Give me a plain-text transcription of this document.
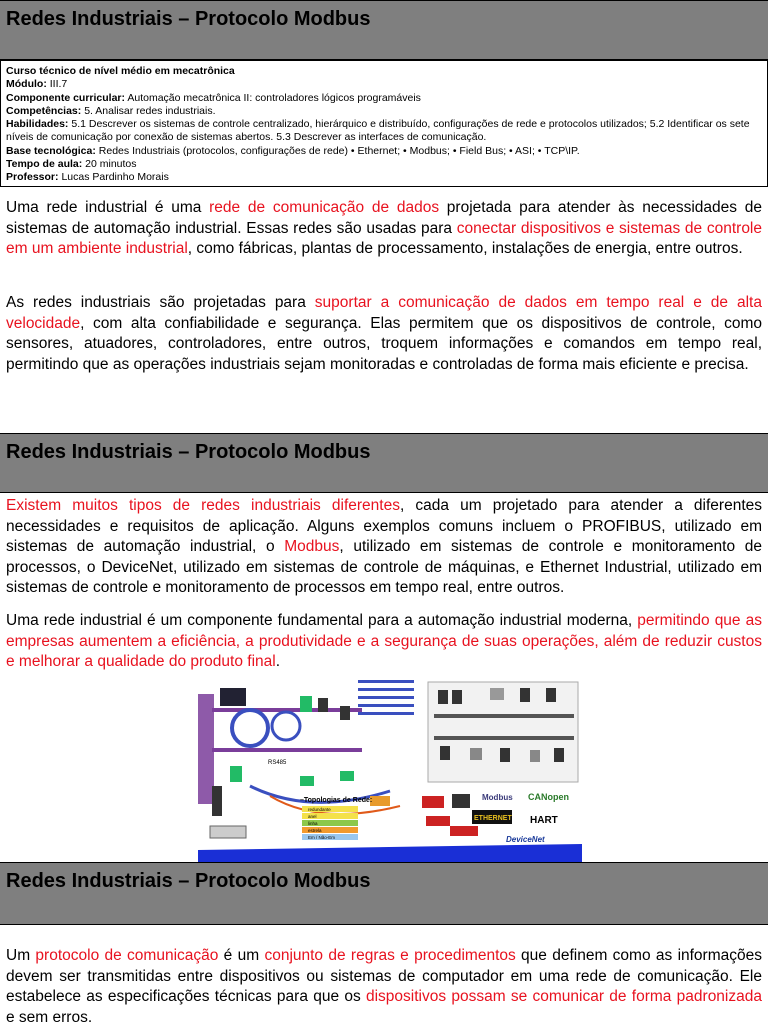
Redes Industriais – Protocolo Modbus
Curso técnico de nível médio em mecatrônica
Módulo: III.7
Componente curricular: Automação mecatrônica II: controladores lógicos programáveis
Competências: 5. Analisar redes industriais.
Habilidades: 5.1 Descrever os sistemas de controle centralizado, hierárquico e distribuído, configurações de rede e protocolos utilizados; 5.2 Identificar os sete níveis de comunicação por conexão de sistemas abertos. 5.3 Descrever as interfaces de comunicação.
Base tecnológica: Redes Industriais (protocolos, configurações de rede) • Ethernet; • Modbus; • Field Bus; • ASI; • TCP\IP.
Tempo de aula: 20 minutos
Professor: Lucas Pardinho Morais

Uma rede industrial é uma rede de comunicação de dados projetada para atender às necessidades de sistemas de automação industrial. Essas redes são usadas para conectar dispositivos e sistemas de controle em um ambiente industrial, como fábricas, plantas de processamento, instalações de energia, entre outros.

As redes industriais são projetadas para suportar a comunicação de dados em tempo real e de alta velocidade, com alta confiabilidade e segurança. Elas permitem que os dispositivos de controle, como sensores, atuadores, controladores, entre outros, troquem informações e comandos em tempo real, permitindo que as operações industriais sejam monitoradas e controladas de forma mais eficiente e precisa.

Redes Industriais – Protocolo Modbus

Existem muitos tipos de redes industriais diferentes, cada um projetado para atender a diferentes necessidades e requisitos de aplicação. Alguns exemplos comuns incluem o PROFIBUS, utilizado em sistemas de automação industrial, o Modbus, utilizado em sistemas de controle e monitoramento de processos, o DeviceNet, utilizado em sistemas de controle de máquinas, e Ethernet Industrial, utilizado em sistemas de controle e monitoramento de processos em tempo real, entre outros.

Uma rede industrial é um componente fundamental para a automação industrial moderna, permitindo que as empresas aumentem a eficiência, a produtividade e a segurança de suas operações, além de reduzir custos e melhorar a qualidade do produto final.

RS485
–Topologias de Rede:
redundante
anel
linha
estrela
Em / Não-Em
Modbus CANopen
HART
ETHERNET
DeviceNet
Redes Industriais – Protocolo Modbus

Um protocolo de comunicação é um conjunto de regras e procedimentos que definem como as informações devem ser transmitidas entre dispositivos ou sistemas de computador em uma rede de comunicação. Ele estabelece as especificações técnicas para que os dispositivos possam se comunicar de forma padronizada e sem erros.
